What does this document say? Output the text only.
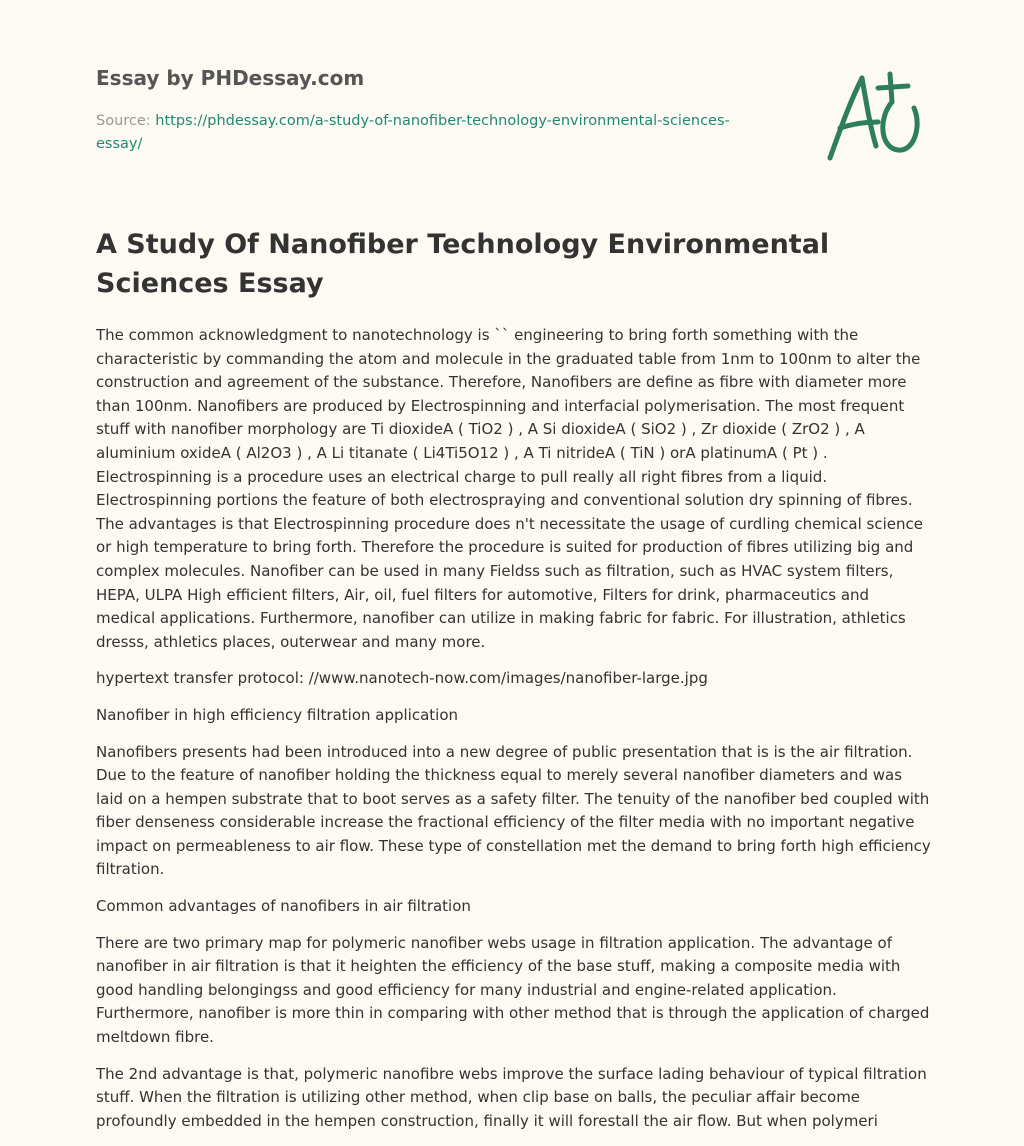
Essay by PHDessay.com
Source: https://phdessay.com/a-study-of-nanofiber-technology-environmental-sciences-essay/
A Study Of Nanofiber Technology Environmental Sciences Essay

The common acknowledgment to nanotechnology is `` engineering to bring forth something with the characteristic by commanding the atom and molecule in the graduated table from 1nm to 100nm to alter the construction and agreement of the substance. Therefore, Nanofibers are define as fibre with diameter more than 100nm. Nanofibers are produced by Electrospinning and interfacial polymerisation. The most frequent stuff with nanofiber morphology are Ti dioxideA ( TiO2 ) , A Si dioxideA ( SiO2 ) , Zr dioxide ( ZrO2 ) , A aluminium oxideA ( Al2O3 ) , A Li titanate ( Li4Ti5O12 ) , A Ti nitrideA ( TiN ) orA platinumA ( Pt ) . Electrospinning is a procedure uses an electrical charge to pull really all right fibres from a liquid. Electrospinning portions the feature of both electrospraying and conventional solution dry spinning of fibres. The advantages is that Electrospinning procedure does n't necessitate the usage of curdling chemical science or high temperature to bring forth. Therefore the procedure is suited for production of fibres utilizing big and complex molecules. Nanofiber can be used in many Fieldss such as filtration, such as HVAC system filters, HEPA, ULPA High efficient filters, Air, oil, fuel filters for automotive, Filters for drink, pharmaceutics and medical applications. Furthermore, nanofiber can utilize in making fabric for fabric. For illustration, athletics dresss, athletics places, outerwear and many more.

hypertext transfer protocol: //www.nanotech-now.com/images/nanofiber-large.jpg

Nanofiber in high efficiency filtration application

Nanofibers presents had been introduced into a new degree of public presentation that is is the air filtration. Due to the feature of nanofiber holding the thickness equal to merely several nanofiber diameters and was laid on a hempen substrate that to boot serves as a safety filter. The tenuity of the nanofiber bed coupled with fiber denseness considerable increase the fractional efficiency of the filter media with no important negative impact on permeableness to air flow. These type of constellation met the demand to bring forth high efficiency filtration.

Common advantages of nanofibers in air filtration

There are two primary map for polymeric nanofiber webs usage in filtration application. The advantage of nanofiber in air filtration is that it heighten the efficiency of the base stuff, making a composite media with good handling belongingss and good efficiency for many industrial and engine-related application. Furthermore, nanofiber is more thin in comparing with other method that is through the application of charged meltdown fibre.

The 2nd advantage is that, polymeric nanofibre webs improve the surface lading behaviour of typical filtration stuff. When the filtration is utilizing other method, when clip base on balls, the peculiar affair become profoundly embedded in the hempen construction, finally it will forestall the air flow. But when polymeri
